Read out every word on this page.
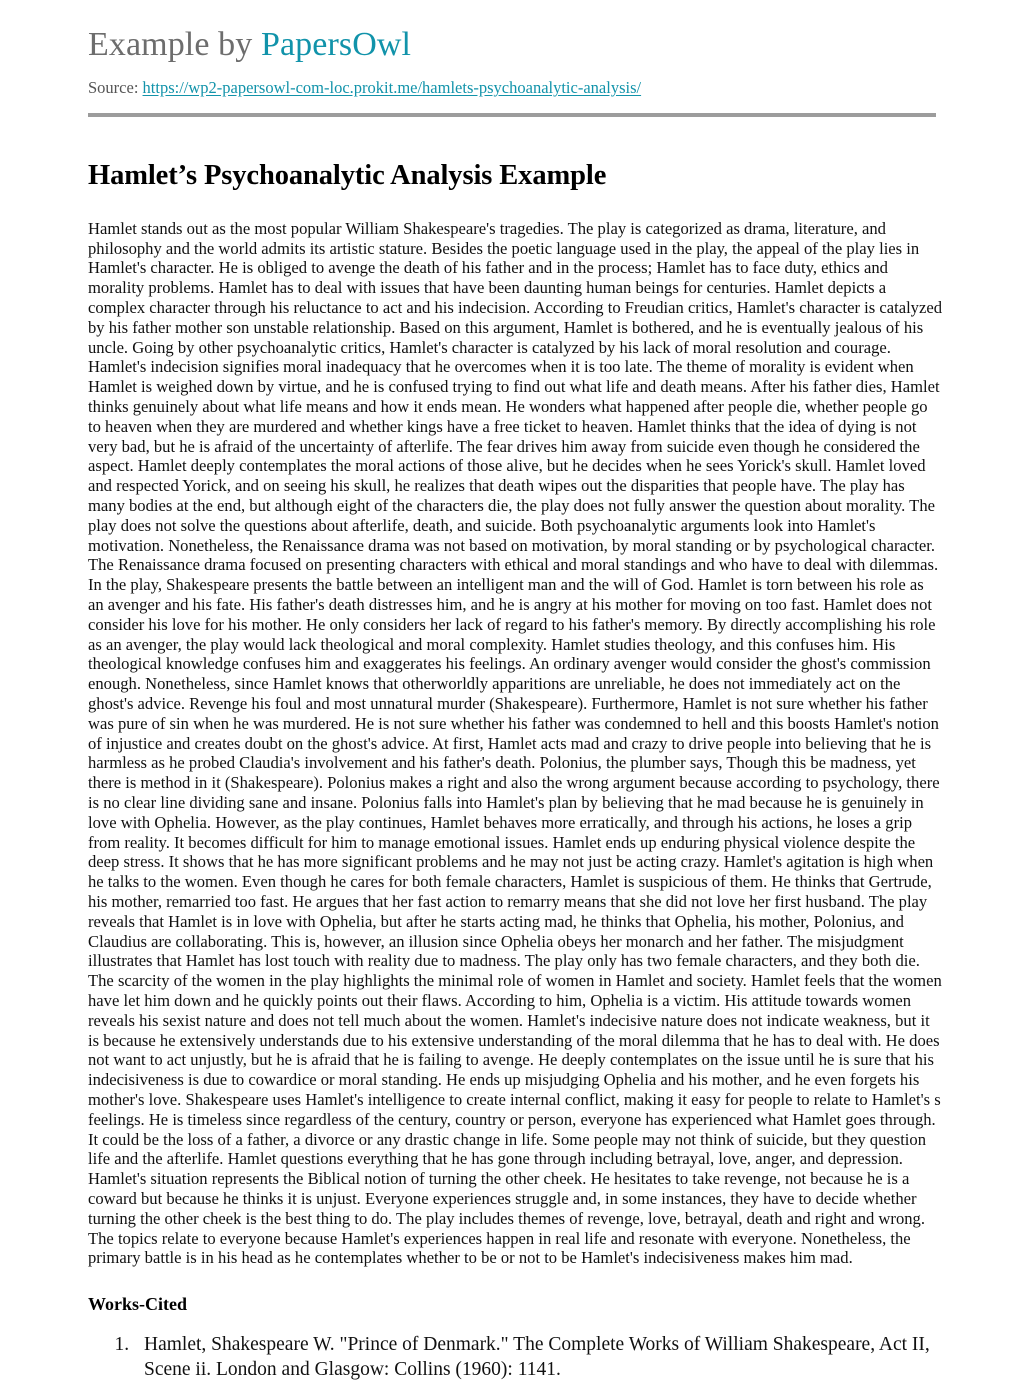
Example by PapersOwl
Source: https://wp2-papersowl-com-loc.prokit.me/hamlets-psychoanalytic-analysis/
Hamlet’s Psychoanalytic Analysis Example

Hamlet stands out as the most popular William Shakespeare's tragedies. The play is categorized as drama, literature, and philosophy and the world admits its artistic stature. Besides the poetic language used in the play, the appeal of the play lies in Hamlet's character. He is obliged to avenge the death of his father and in the process; Hamlet has to face duty, ethics and morality problems. Hamlet has to deal with issues that have been daunting human beings for centuries. Hamlet depicts a complex character through his reluctance to act and his indecision. According to Freudian critics, Hamlet's character is catalyzed by his father mother son unstable relationship. Based on this argument, Hamlet is bothered, and he is eventually jealous of his uncle. Going by other psychoanalytic critics, Hamlet's character is catalyzed by his lack of moral resolution and courage. Hamlet's indecision signifies moral inadequacy that he overcomes when it is too late. The theme of morality is evident when Hamlet is weighed down by virtue, and he is confused trying to find out what life and death means. After his father dies, Hamlet thinks genuinely about what life means and how it ends mean. He wonders what happened after people die, whether people go to heaven when they are murdered and whether kings have a free ticket to heaven. Hamlet thinks that the idea of dying is not very bad, but he is afraid of the uncertainty of afterlife. The fear drives him away from suicide even though he considered the aspect. Hamlet deeply contemplates the moral actions of those alive, but he decides when he sees Yorick's skull. Hamlet loved and respected Yorick, and on seeing his skull, he realizes that death wipes out the disparities that people have. The play has many bodies at the end, but although eight of the characters die, the play does not fully answer the question about morality. The play does not solve the questions about afterlife, death, and suicide. Both psychoanalytic arguments look into Hamlet's motivation. Nonetheless, the Renaissance drama was not based on motivation, by moral standing or by psychological character. The Renaissance drama focused on presenting characters with ethical and moral standings and who have to deal with dilemmas. In the play, Shakespeare presents the battle between an intelligent man and the will of God. Hamlet is torn between his role as an avenger and his fate. His father's death distresses him, and he is angry at his mother for moving on too fast. Hamlet does not consider his love for his mother. He only considers her lack of regard to his father's memory. By directly accomplishing his role as an avenger, the play would lack theological and moral complexity. Hamlet studies theology, and this confuses him. His theological knowledge confuses him and exaggerates his feelings. An ordinary avenger would consider the ghost's commission enough. Nonetheless, since Hamlet knows that otherworldly apparitions are unreliable, he does not immediately act on the ghost's advice. Revenge his foul and most unnatural murder (Shakespeare). Furthermore, Hamlet is not sure whether his father was pure of sin when he was murdered. He is not sure whether his father was condemned to hell and this boosts Hamlet's notion of injustice and creates doubt on the ghost's advice. At first, Hamlet acts mad and crazy to drive people into believing that he is harmless as he probed Claudia's involvement and his father's death. Polonius, the plumber says, Though this be madness, yet there is method in it (Shakespeare). Polonius makes a right and also the wrong argument because according to psychology, there is no clear line dividing sane and insane. Polonius falls into Hamlet's plan by believing that he mad because he is genuinely in love with Ophelia. However, as the play continues, Hamlet behaves more erratically, and through his actions, he loses a grip from reality. It becomes difficult for him to manage emotional issues. Hamlet ends up enduring physical violence despite the deep stress. It shows that he has more significant problems and he may not just be acting crazy. Hamlet's agitation is high when he talks to the women. Even though he cares for both female characters, Hamlet is suspicious of them. He thinks that Gertrude, his mother, remarried too fast. He argues that her fast action to remarry means that she did not love her first husband. The play reveals that Hamlet is in love with Ophelia, but after he starts acting mad, he thinks that Ophelia, his mother, Polonius, and Claudius are collaborating. This is, however, an illusion since Ophelia obeys her monarch and her father. The misjudgment illustrates that Hamlet has lost touch with reality due to madness. The play only has two female characters, and they both die. The scarcity of the women in the play highlights the minimal role of women in Hamlet and society. Hamlet feels that the women have let him down and he quickly points out their flaws. According to him, Ophelia is a victim. His attitude towards women reveals his sexist nature and does not tell much about the women. Hamlet's indecisive nature does not indicate weakness, but it is because he extensively understands due to his extensive understanding of the moral dilemma that he has to deal with. He does not want to act unjustly, but he is afraid that he is failing to avenge. He deeply contemplates on the issue until he is sure that his indecisiveness is due to cowardice or moral standing. He ends up misjudging Ophelia and his mother, and he even forgets his mother's love. Shakespeare uses Hamlet's intelligence to create internal conflict, making it easy for people to relate to Hamlet's s feelings. He is timeless since regardless of the century, country or person, everyone has experienced what Hamlet goes through. It could be the loss of a father, a divorce or any drastic change in life. Some people may not think of suicide, but they question life and the afterlife. Hamlet questions everything that he has gone through including betrayal, love, anger, and depression. Hamlet's situation represents the Biblical notion of turning the other cheek. He hesitates to take revenge, not because he is a coward but because he thinks it is unjust. Everyone experiences struggle and, in some instances, they have to decide whether turning the other cheek is the best thing to do. The play includes themes of revenge, love, betrayal, death and right and wrong. The topics relate to everyone because Hamlet's experiences happen in real life and resonate with everyone. Nonetheless, the primary battle is in his head as he contemplates whether to be or not to be Hamlet's indecisiveness makes him mad.

Works-Cited
1. Hamlet, Shakespeare W. "Prince of Denmark." The Complete Works of William Shakespeare, Act II, Scene ii. London and Glasgow: Collins (1960): 1141.
